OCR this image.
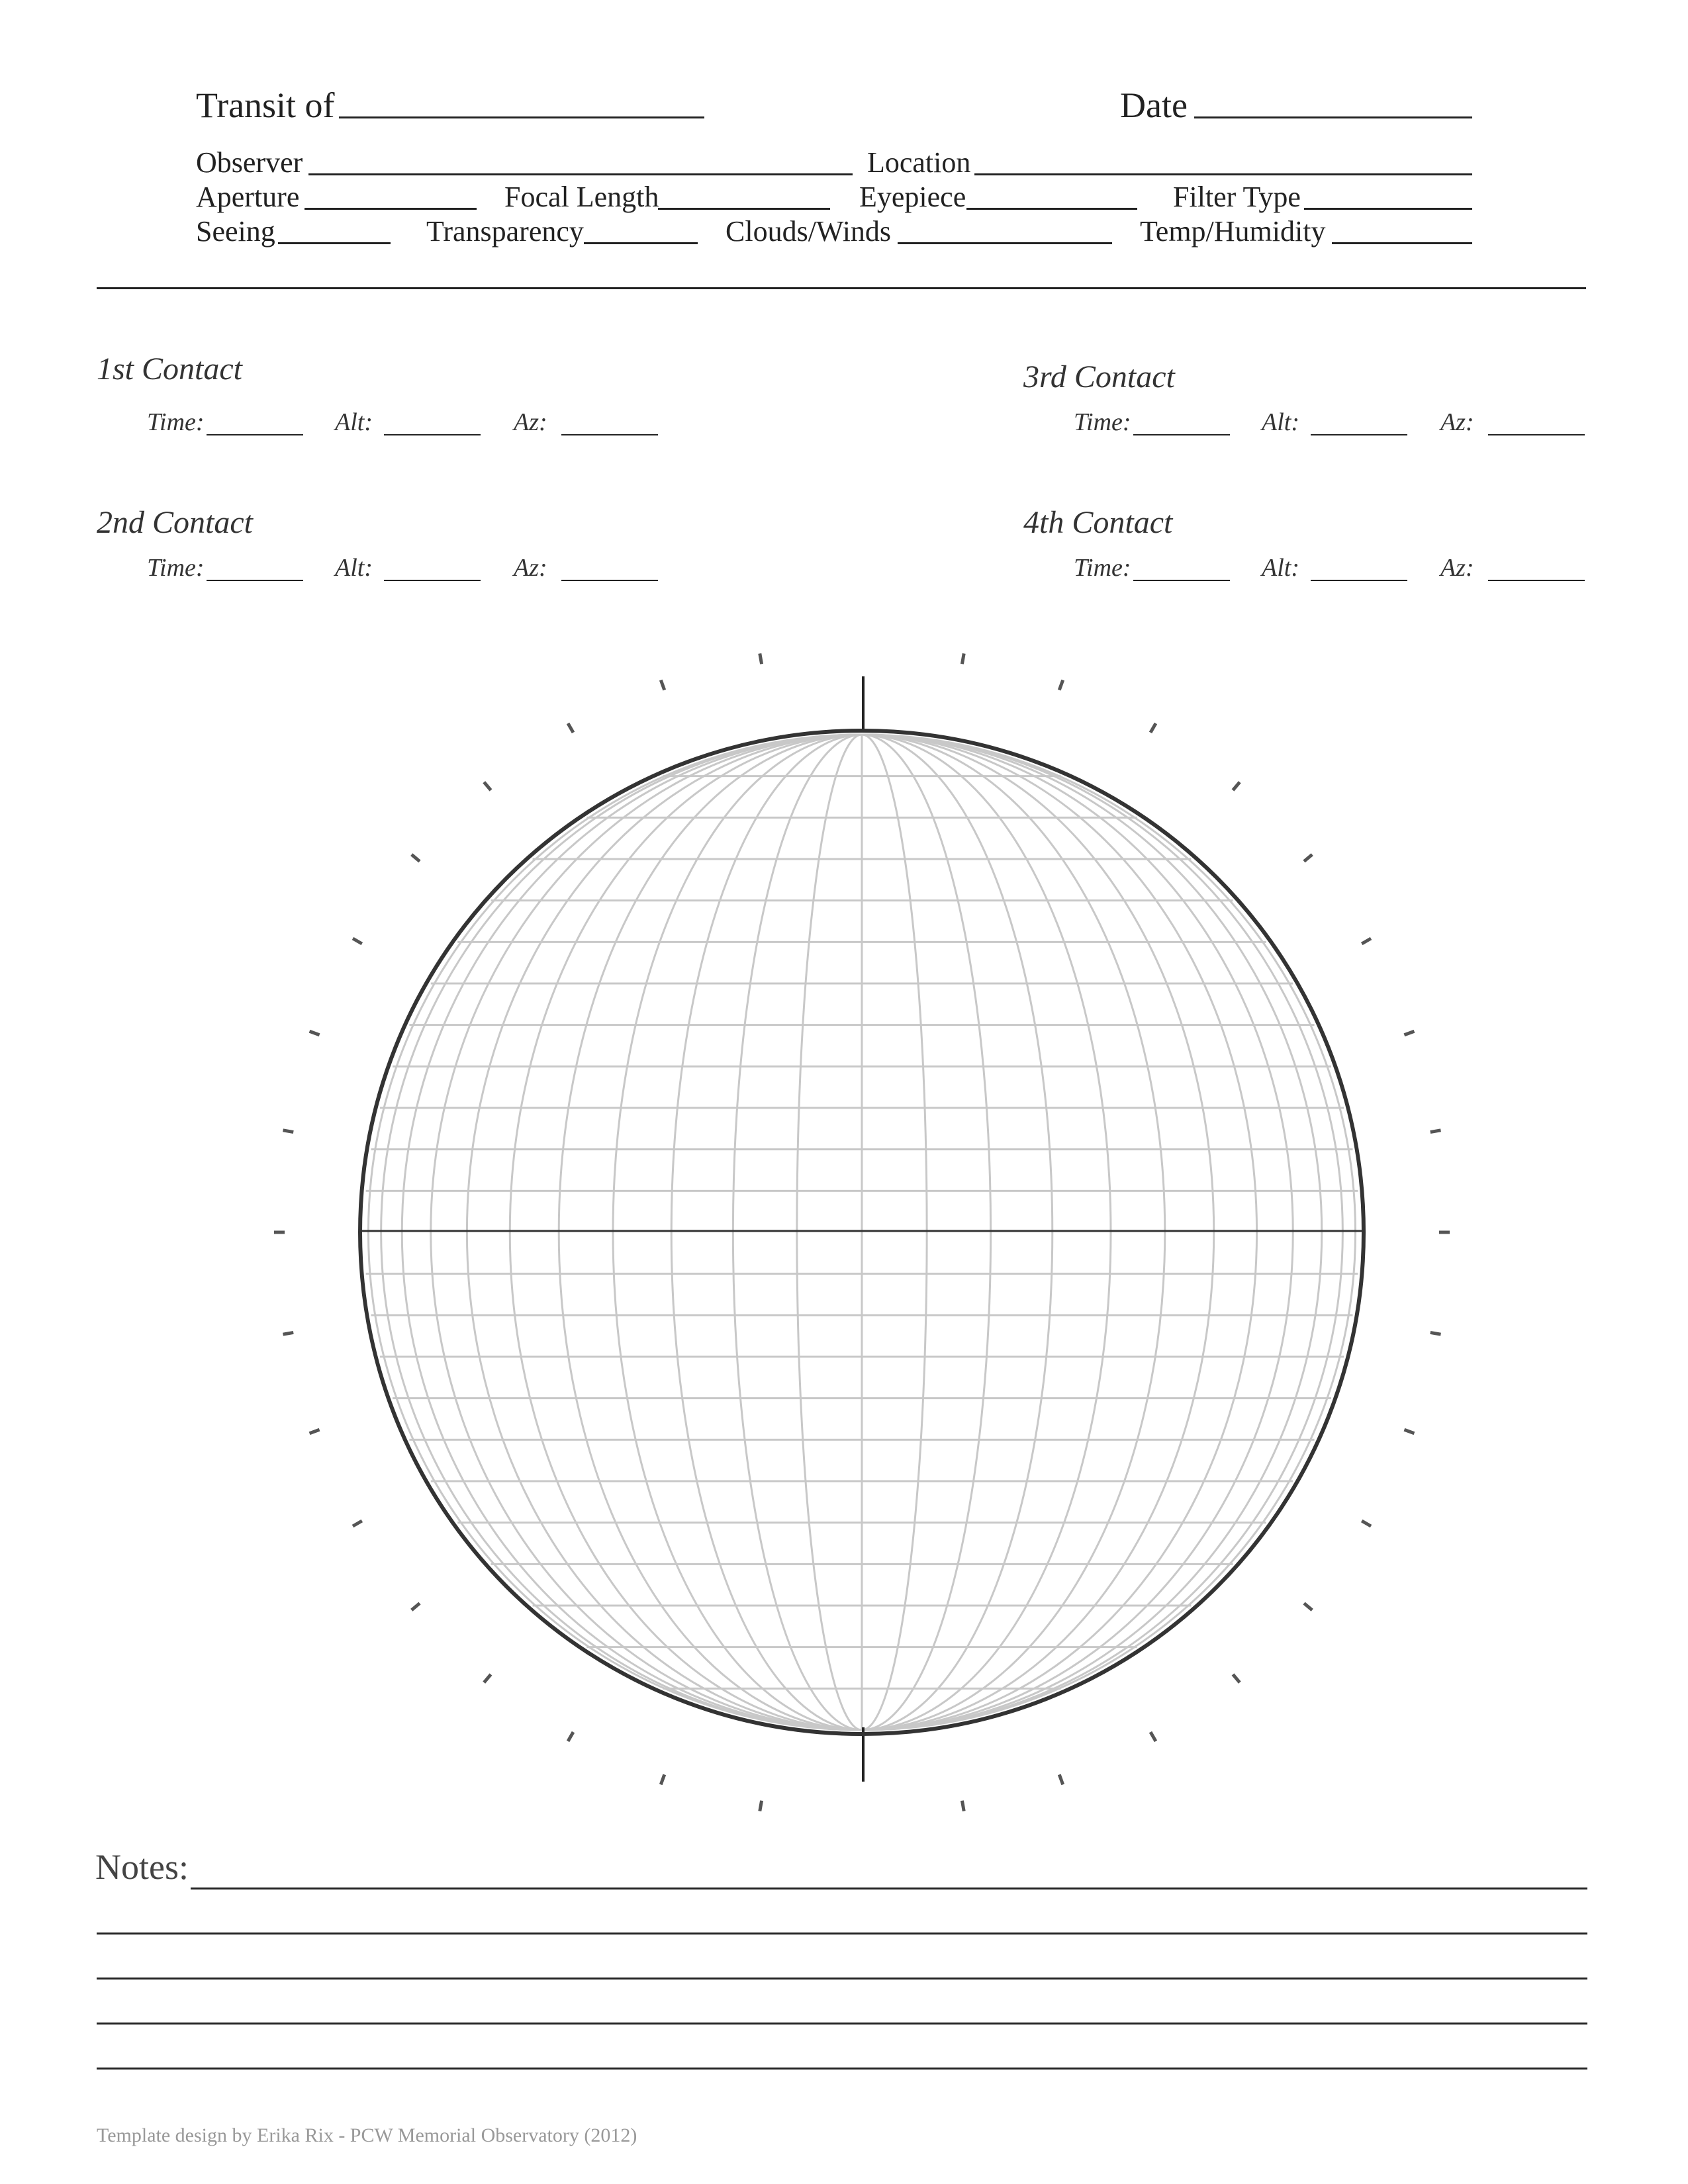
Transit of	Date
Observer	Location
Aperture	Focal Length	Eyepiece	Filter Type
Seeing	Transparency	Clouds/Winds	Temp/Humidity
1st Contact
Time:	Alt:	Az:
2nd Contact
Time:	Alt:	Az:
3rd Contact
Time:	Alt:	Az:
4th Contact
Time:	Alt:	Az:
Notes:
Template design by Erika Rix - PCW Memorial Observatory (2012)
